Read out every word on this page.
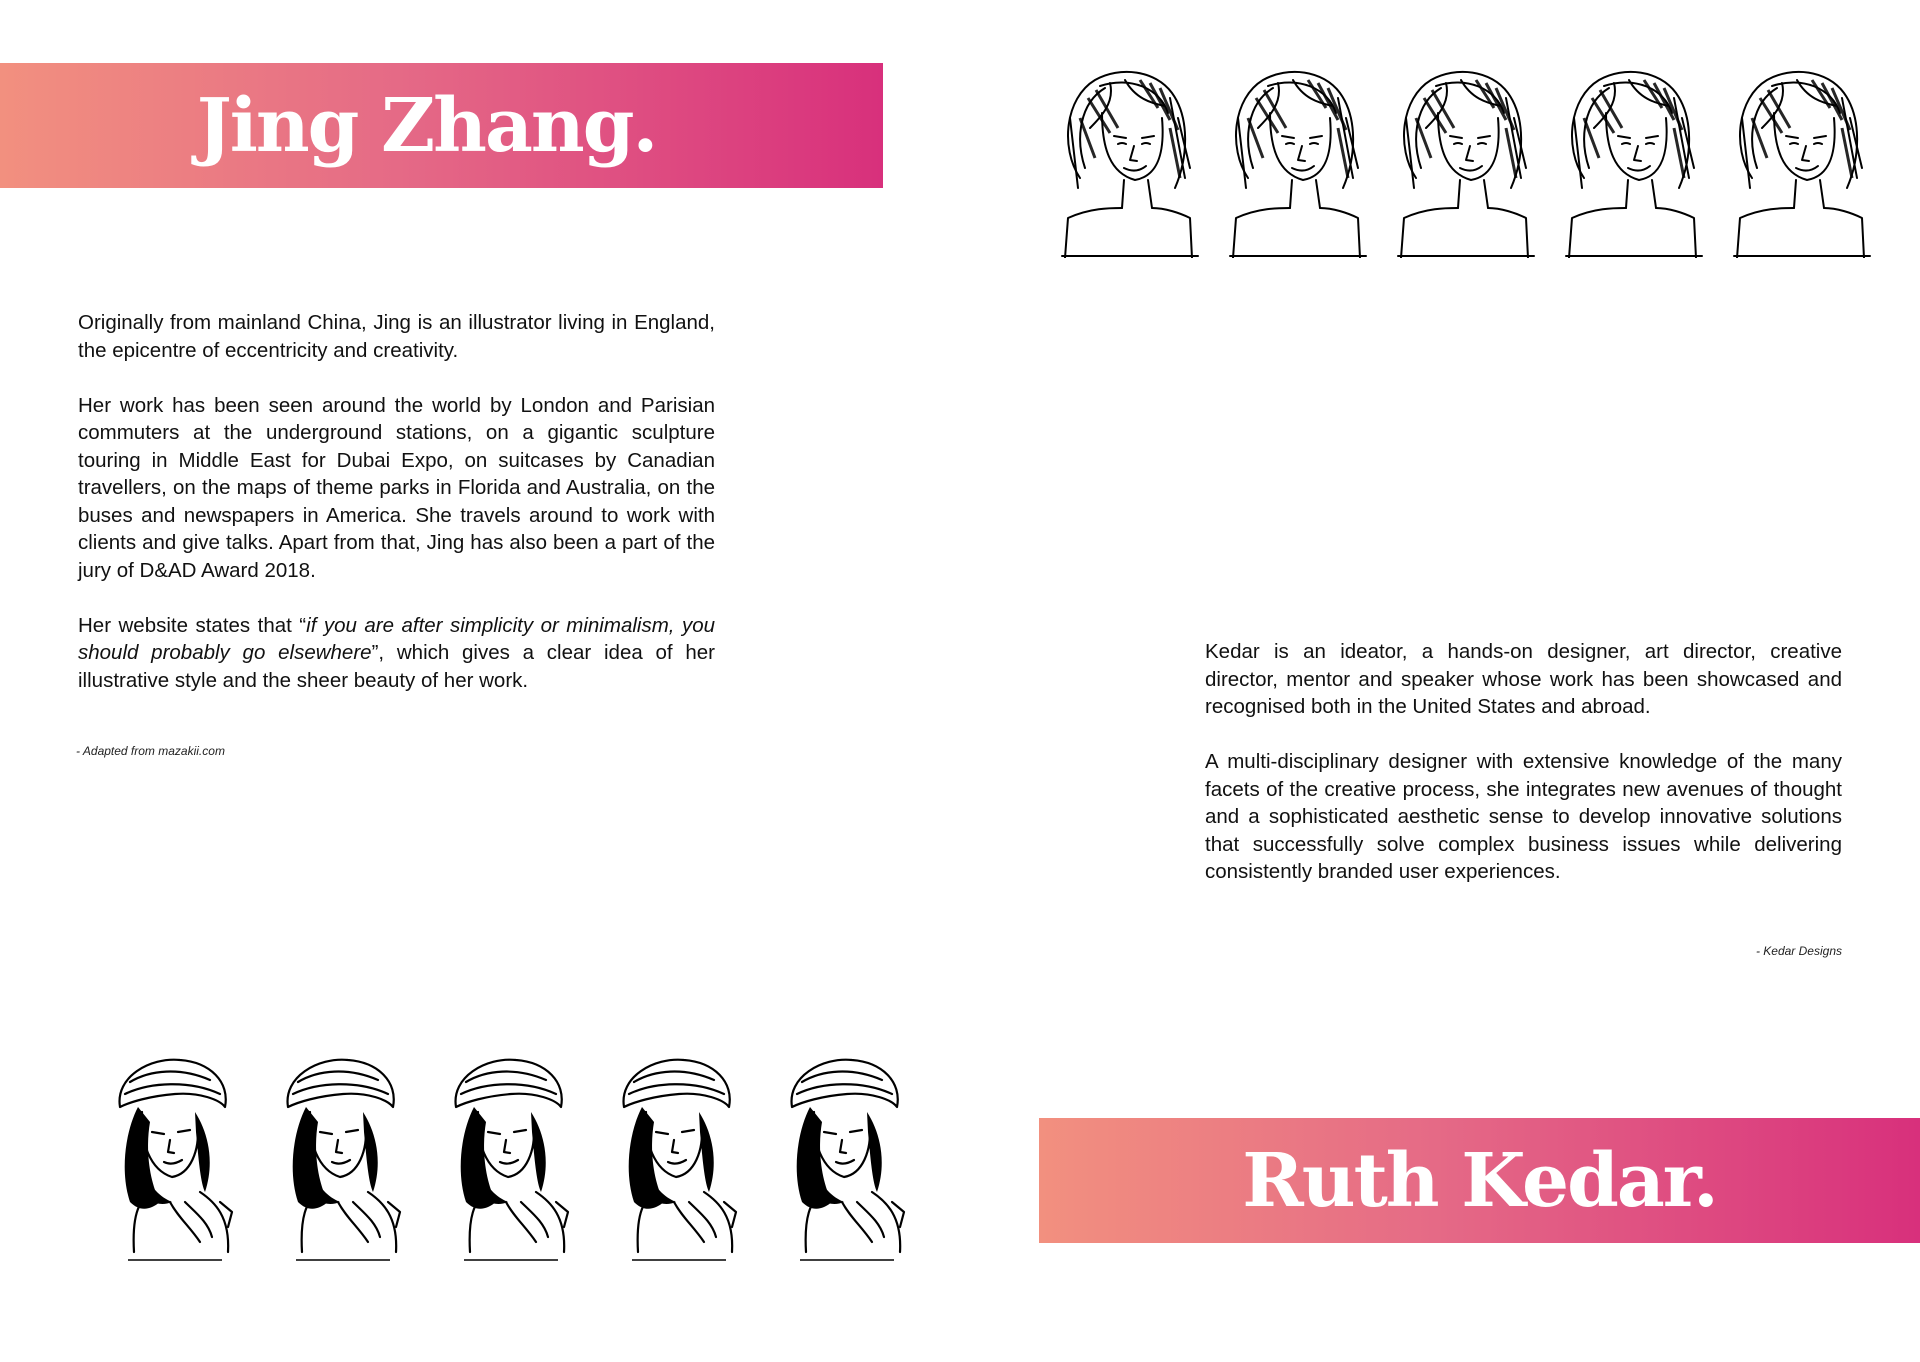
Jing Zhang.

Originally from mainland China, Jing is an illustrator living in England, the epicentre of eccentricity and creativity.

Her work has been seen around the world by London and Parisian commuters at the underground stations, on a gigantic sculpture touring in Middle East for Dubai Expo, on suitcases by Canadian travellers, on the maps of theme parks in Florida and Australia, on the buses and newspapers in America. She travels around to work with clients and give talks. Apart from that, Jing has also been a part of the jury of D&AD Award 2018.

Her website states that “if you are after simplicity or minimalism, you should probably go elsewhere”, which gives a clear idea of her illustrative style and the sheer beauty of her work.

- Adapted from mazakii.com

Kedar is an ideator, a hands-on designer, art director, creative director, mentor and speaker whose work has been showcased and recognised both in the United States and abroad.

A multi-disciplinary designer with extensive knowledge of the many facets of the creative process, she integrates new avenues of thought and a sophisticated aesthetic sense to develop innovative solutions that successfully solve complex business issues while delivering consistently branded user experiences.

- Kedar Designs
Ruth Kedar.
